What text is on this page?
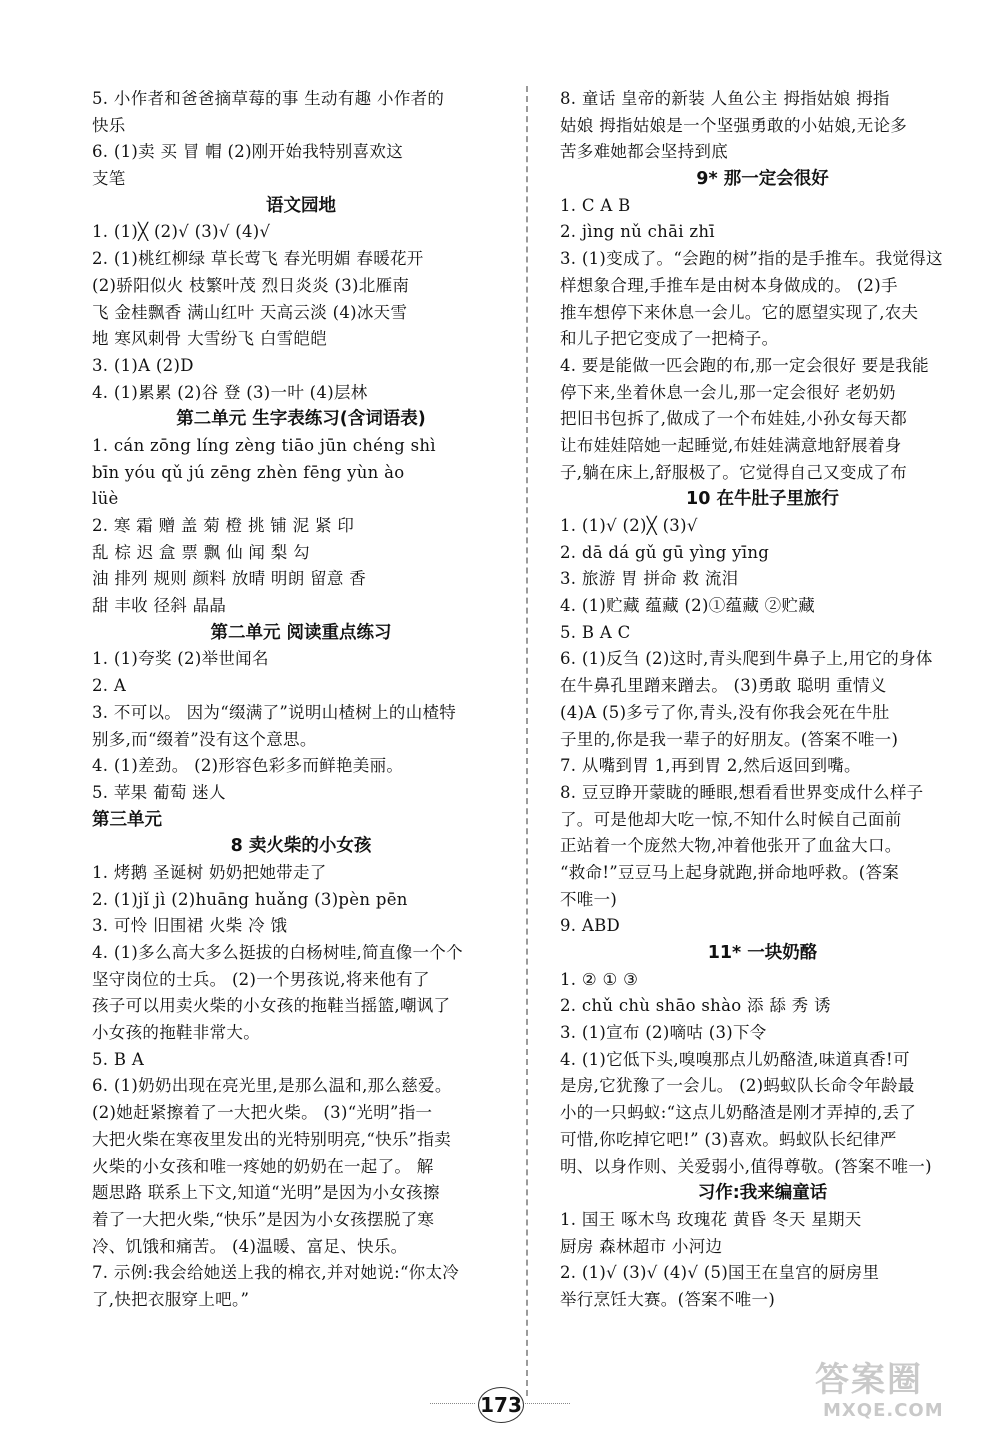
5. 小作者和爸爸摘草莓的事 生动有趣 小作者的
快乐
6. (1)卖 买 冒 帽 (2)刚开始我特别喜欢这
支笔
语文园地
1. (1)╳ (2)√ (3)√ (4)√
2. (1)桃红柳绿 草长莺飞 春光明媚 春暖花开
(2)骄阳似火 枝繁叶茂 烈日炎炎 (3)北雁南
飞 金桂飘香 满山红叶 天高云淡 (4)冰天雪
地 寒风刺骨 大雪纷飞 白雪皑皑
3. (1)A (2)D
4. (1)累累 (2)谷 登 (3)一叶 (4)层林
第二单元 生字表练习(含词语表)
1. cán zōng líng zèng tiāo jūn chéng shì
bīn yóu qǔ jú zēng zhèn fēng yùn ào
lüè
2. 寒 霜 赠 盖 菊 橙 挑 铺 泥 紧 印
乱 棕 迟 盒 票 飘 仙 闻 梨 勾
油 排列 规则 颜料 放晴 明朗 留意 香
甜 丰收 径斜 晶晶
第二单元 阅读重点练习
1. (1)夸奖 (2)举世闻名
2. A
3. 不可以。 因为“缀满了”说明山楂树上的山楂特
别多,而“缀着”没有这个意思。
4. (1)差劲。 (2)形容色彩多而鲜艳美丽。
5. 苹果 葡萄 迷人
第三单元
8 卖火柴的小女孩
1. 烤鹅 圣诞树 奶奶把她带走了
2. (1)jǐ jì (2)huāng huǎng (3)pèn pēn
3. 可怜 旧围裙 火柴 冷 饿
4. (1)多么高大多么挺拔的白杨树哇,简直像一个个
坚守岗位的士兵。 (2)一个男孩说,将来他有了
孩子可以用卖火柴的小女孩的拖鞋当摇篮,嘲讽了
小女孩的拖鞋非常大。
5. B A
6. (1)奶奶出现在亮光里,是那么温和,那么慈爱。
(2)她赶紧擦着了一大把火柴。 (3)“光明”指一
大把火柴在寒夜里发出的光特别明亮,“快乐”指卖
火柴的小女孩和唯一疼她的奶奶在一起了。 解
题思路 联系上下文,知道“光明”是因为小女孩擦
着了一大把火柴,“快乐”是因为小女孩摆脱了寒
冷、饥饿和痛苦。 (4)温暖、富足、快乐。
7. 示例:我会给她送上我的棉衣,并对她说:“你太冷
了,快把衣服穿上吧。”
8. 童话 皇帝的新装 人鱼公主 拇指姑娘 拇指
姑娘 拇指姑娘是一个坚强勇敢的小姑娘,无论多
苦多难她都会坚持到底
9* 那一定会很好
1. C A B
2. jìng nǔ chāi zhī
3. (1)变成了。“会跑的树”指的是手推车。我觉得这
样想象合理,手推车是由树本身做成的。 (2)手
推车想停下来休息一会儿。它的愿望实现了,农夫
和儿子把它变成了一把椅子。
4. 要是能做一匹会跑的布,那一定会很好 要是我能
停下来,坐着休息一会儿,那一定会很好 老奶奶
把旧书包拆了,做成了一个布娃娃,小孙女每天都
让布娃娃陪她一起睡觉,布娃娃满意地舒展着身
子,躺在床上,舒服极了。它觉得自己又变成了布
10 在牛肚子里旅行
1. (1)√ (2)╳ (3)√
2. dā dá gǔ gū yìng yīng
3. 旅游 胃 拼命 救 流泪
4. (1)贮藏 蕴藏 (2)①蕴藏 ②贮藏
5. B A C
6. (1)反刍 (2)这时,青头爬到牛鼻子上,用它的身体
在牛鼻孔里蹭来蹭去。 (3)勇敢 聪明 重情义
(4)A (5)多亏了你,青头,没有你我会死在牛肚
子里的,你是我一辈子的好朋友。(答案不唯一)
7. 从嘴到胃 1,再到胃 2,然后返回到嘴。
8. 豆豆睁开蒙眬的睡眼,想看看世界变成什么样子
了。可是他却大吃一惊,不知什么时候自己面前
正站着一个庞然大物,冲着他张开了血盆大口。
“救命!”豆豆马上起身就跑,拼命地呼救。(答案
不唯一)
9. ABD
11* 一块奶酪
1. ② ① ③
2. chǔ chù shāo shào 添 舔 秀 诱
3. (1)宣布 (2)嘀咕 (3)下令
4. (1)它低下头,嗅嗅那点儿奶酪渣,味道真香!可
是房,它犹豫了一会儿。 (2)蚂蚁队长命令年龄最
小的一只蚂蚁:“这点儿奶酪渣是刚才弄掉的,丢了
可惜,你吃掉它吧!” (3)喜欢。蚂蚁队长纪律严
明、以身作则、关爱弱小,值得尊敬。(答案不唯一)
习作:我来编童话
1. 国王 啄木鸟 玫瑰花 黄昏 冬天 星期天
厨房 森林超市 小河边
2. (1)√ (3)√ (4)√ (5)国王在皇宫的厨房里
举行烹饪大赛。(答案不唯一)
173
答案圈
MXQE.COM
